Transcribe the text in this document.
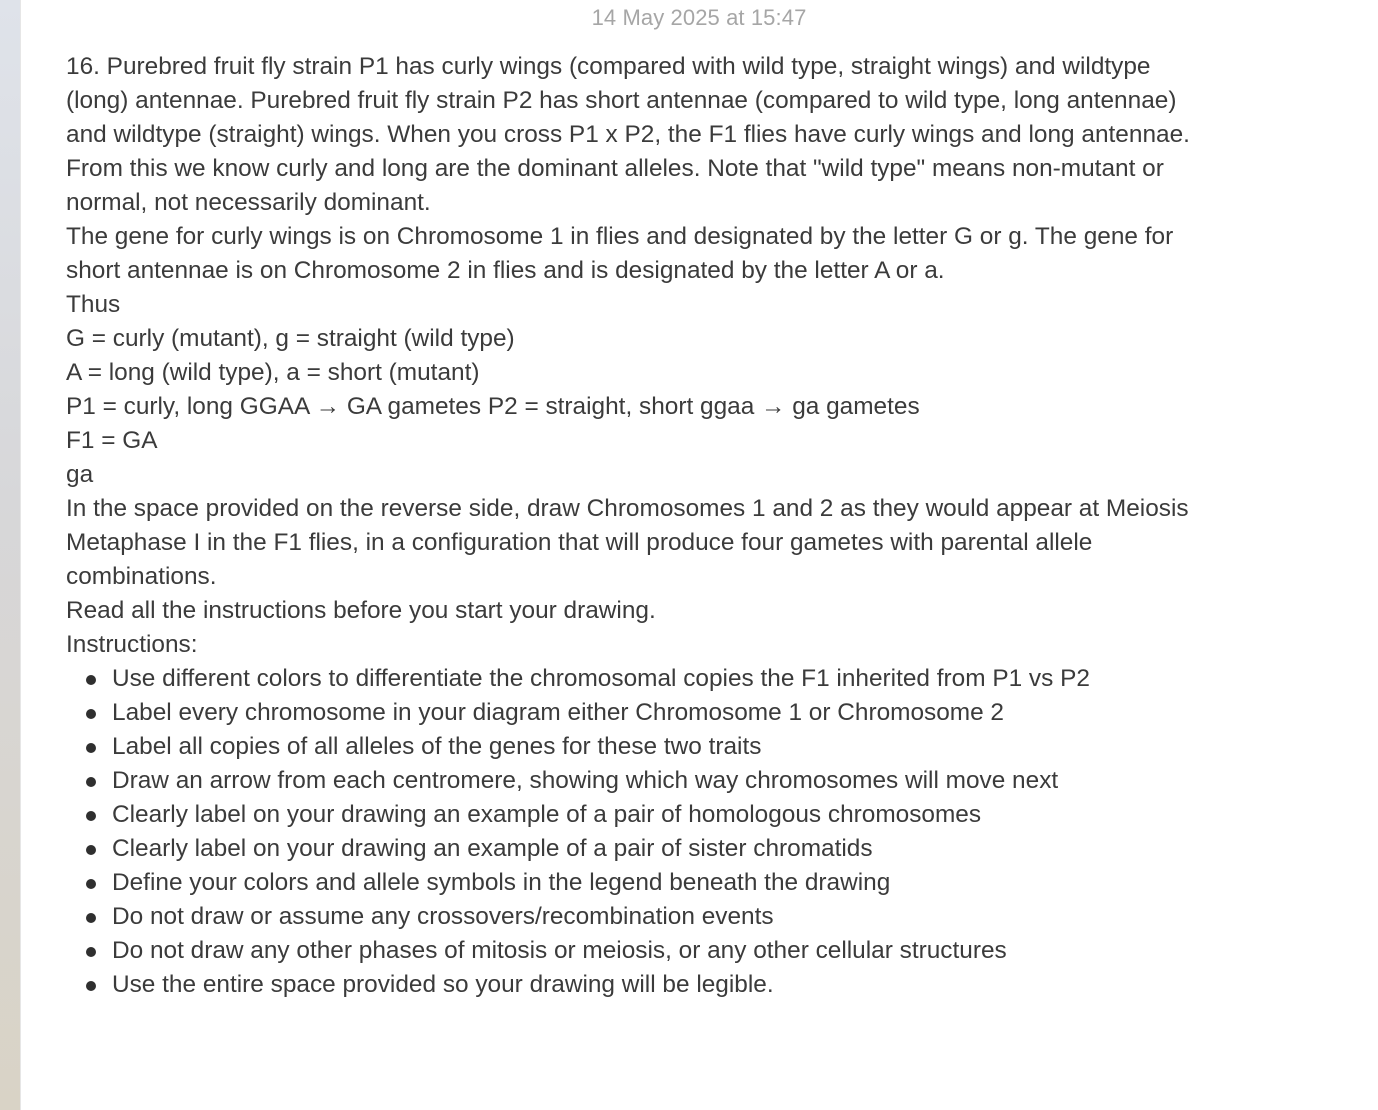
14 May 2025 at 15:47

16. Purebred fruit fly strain P1 has curly wings (compared with wild type, straight wings) and wildtype

(long) antennae. Purebred fruit fly strain P2 has short antennae (compared to wild type, long antennae)

and wildtype (straight) wings. When you cross P1 x P2, the F1 flies have curly wings and long antennae.

From this we know curly and long are the dominant alleles. Note that "wild type" means non-mutant or

normal, not necessarily dominant.

The gene for curly wings is on Chromosome 1 in flies and designated by the letter G or g. The gene for

short antennae is on Chromosome 2 in flies and is designated by the letter A or a.

Thus

G = curly (mutant), g = straight (wild type)

A = long (wild type), a = short (mutant)

P1 = curly, long GGAA → GA gametes P2 = straight, short ggaa → ga gametes

F1 = GA

ga

In the space provided on the reverse side, draw Chromosomes 1 and 2 as they would appear at Meiosis

Metaphase I in the F1 flies, in a configuration that will produce four gametes with parental allele

combinations.

Read all the instructions before you start your drawing.

Instructions:

Use different colors to differentiate the chromosomal copies the F1 inherited from P1 vs P2
Label every chromosome in your diagram either Chromosome 1 or Chromosome 2
Label all copies of all alleles of the genes for these two traits
Draw an arrow from each centromere, showing which way chromosomes will move next
Clearly label on your drawing an example of a pair of homologous chromosomes
Clearly label on your drawing an example of a pair of sister chromatids
Define your colors and allele symbols in the legend beneath the drawing
Do not draw or assume any crossovers/recombination events
Do not draw any other phases of mitosis or meiosis, or any other cellular structures
Use the entire space provided so your drawing will be legible.
